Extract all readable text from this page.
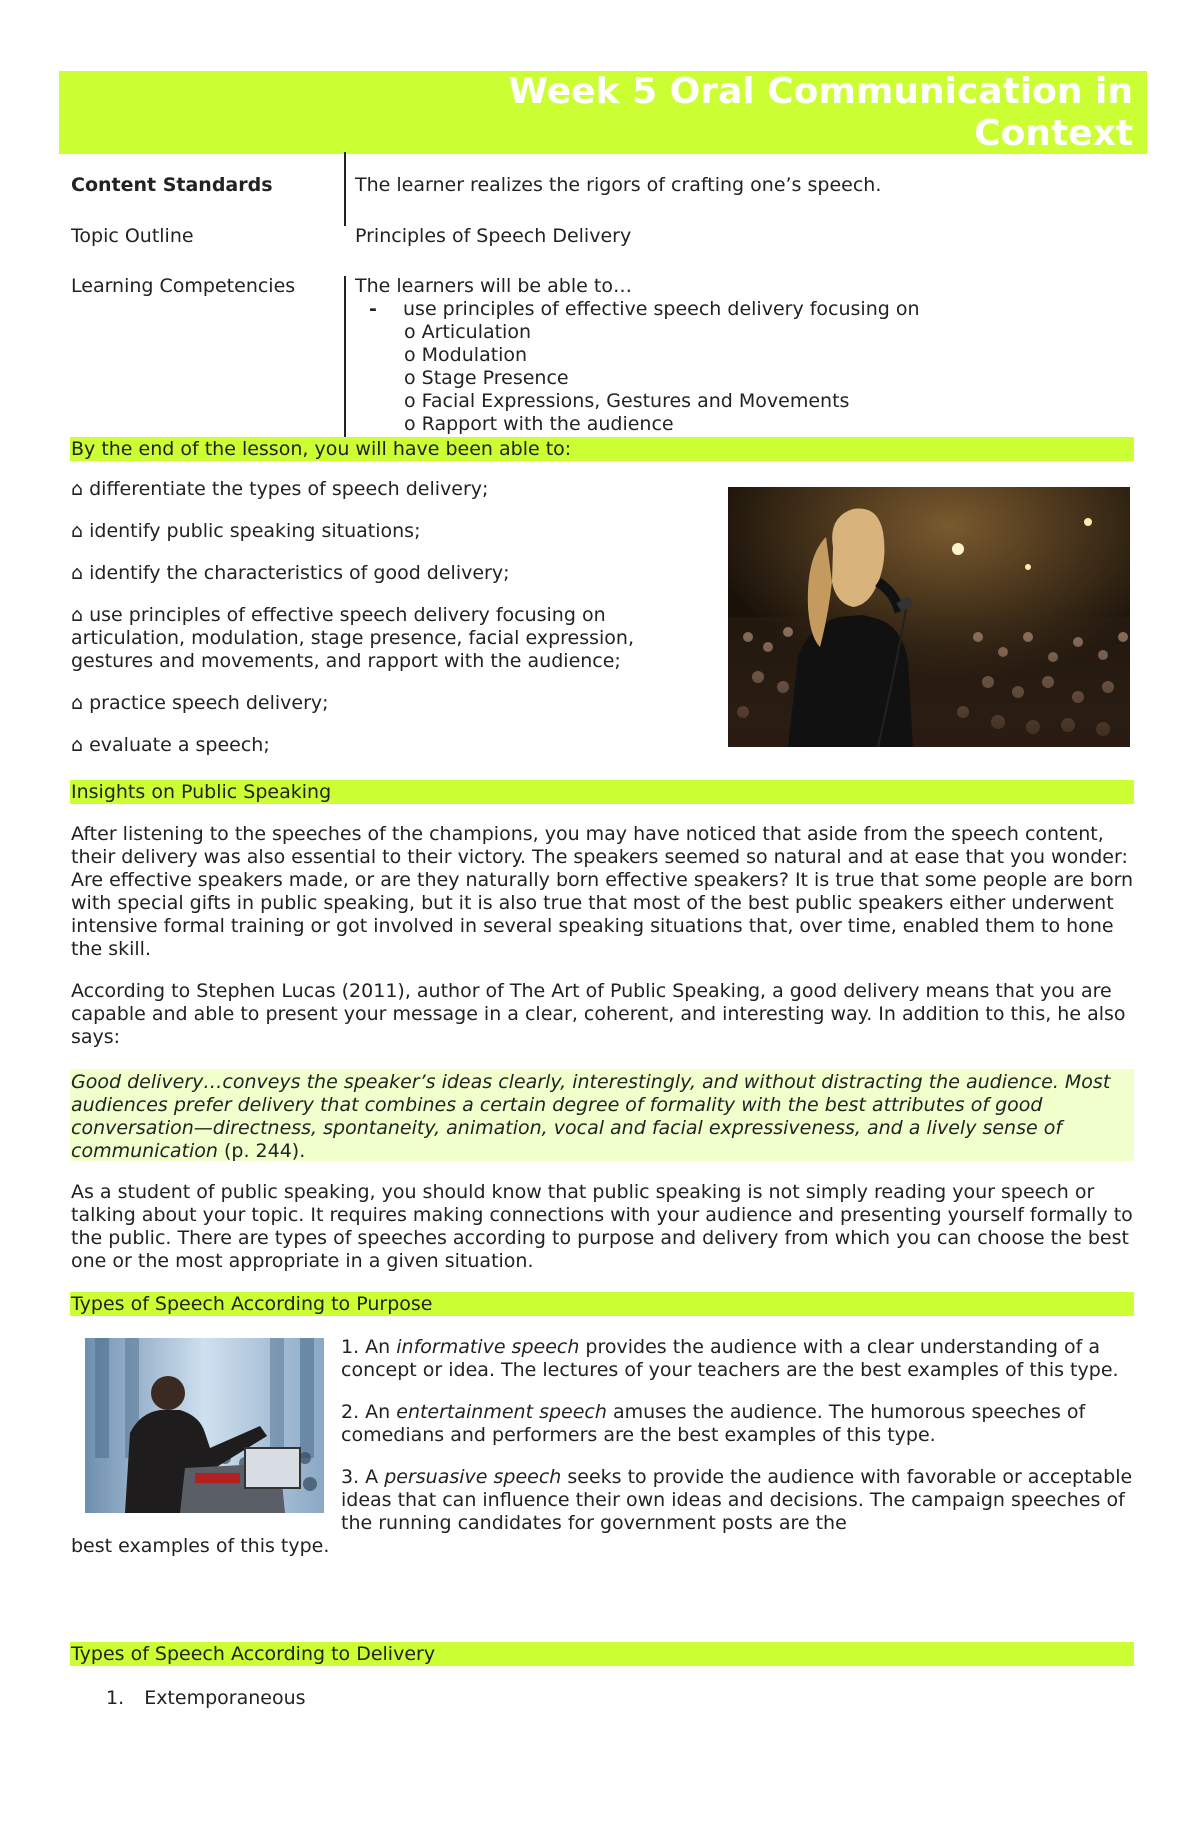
Week 5 Oral Communication in
Context
Content Standards	The learner realizes the rigors of crafting one’s speech.
Topic Outline	Principles of Speech Delivery
Learning Competencies	The learners will be able to…
- use principles of effective speech delivery focusing on
o Articulation
o Modulation
o Stage Presence
o Facial Expressions, Gestures and Movements
o Rapport with the audience
By the end of the lesson, you will have been able to:

⌂ differentiate the types of speech delivery;

⌂ identify public speaking situations;

⌂ identify the characteristics of good delivery;

⌂ use principles of effective speech delivery focusing on articulation, modulation, stage presence, facial expression, gestures and movements, and rapport with the audience;

⌂ practice speech delivery;

⌂ evaluate a speech;

Insights on Public Speaking

After listening to the speeches of the champions, you may have noticed that aside from the speech content, their delivery was also essential to their victory. The speakers seemed so natural and at ease that you wonder: Are effective speakers made, or are they naturally born effective speakers? It is true that some people are born with special gifts in public speaking, but it is also true that most of the best public speakers either underwent intensive formal training or got involved in several speaking situations that, over time, enabled them to hone the skill.

According to Stephen Lucas (2011), author of The Art of Public Speaking, a good delivery means that you are capable and able to present your message in a clear, coherent, and interesting way. In addition to this, he also says:

Good delivery…conveys the speaker’s ideas clearly, interestingly, and without distracting the audience. Most audiences prefer delivery that combines a certain degree of formality with the best attributes of good conversation—directness, spontaneity, animation, vocal and facial expressiveness, and a lively sense of communication (p. 244).

As a student of public speaking, you should know that public speaking is not simply reading your speech or talking about your topic. It requires making connections with your audience and presenting yourself formally to the public. There are types of speeches according to purpose and delivery from which you can choose the best one or the most appropriate in a given situation.

Types of Speech According to Purpose

1. An informative speech provides the audience with a clear understanding of a concept or idea. The lectures of your teachers are the best examples of this type.

2. An entertainment speech amuses the audience. The humorous speeches of comedians and performers are the best examples of this type.

3. A persuasive speech seeks to provide the audience with favorable or acceptable ideas that can influence their own ideas and decisions. The campaign speeches of the running candidates for government posts are the

best examples of this type.

Types of Speech According to Delivery
1. Extemporaneous
